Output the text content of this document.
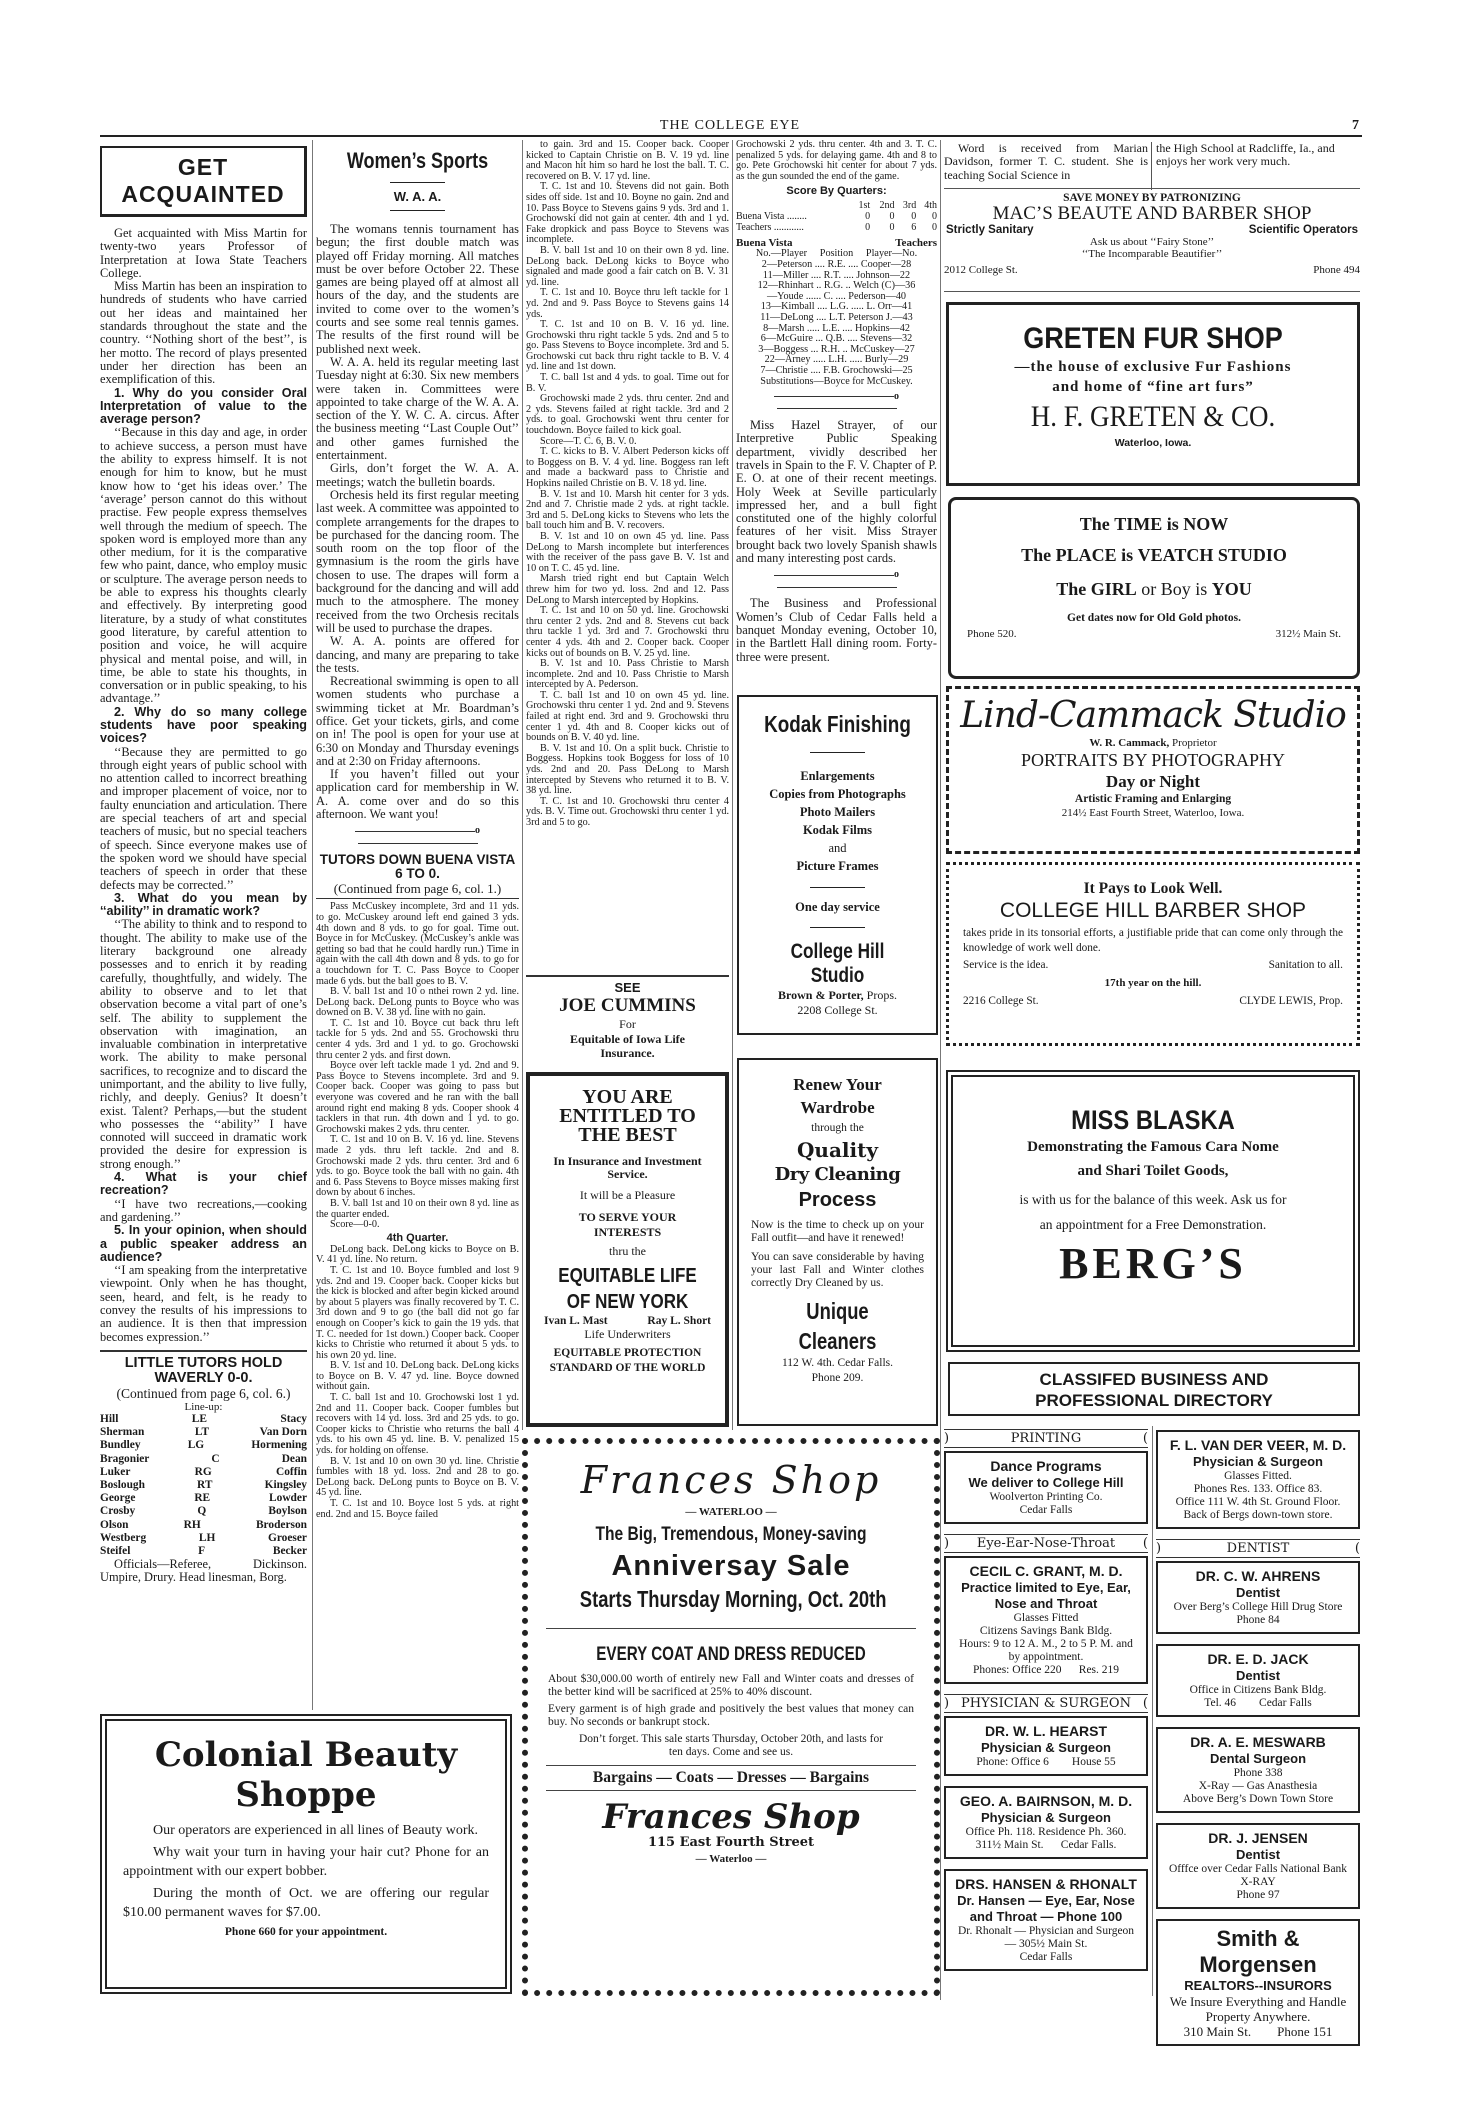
THE COLLEGE EYE	7
GET ACQUAINTED

Get acquainted with Miss Martin for twenty-two years Professor of Interpretation at Iowa State Teachers College.

Miss Martin has been an inspiration to hundreds of students who have carried out her ideas and maintained her standards throughout the state and the country. ‘‘Nothing short of the best’’, is her motto. The record of plays presented under her direction has been an exemplification of this.

1. Why do you consider Oral Interpretation of value to the average person?

‘‘Because in this day and age, in order to achieve success, a person must have the ability to express himself. It is not enough for him to know, but he must know how to ‘get his ideas over.’ The ‘average’ person cannot do this without practise. Few people express themselves well through the medium of speech. The spoken word is employed more than any other medium, for it is the comparative few who paint, dance, who employ music or sculpture. The average person needs to be able to express his thoughts clearly and effectively. By interpreting good literature, by a study of what constitutes good literature, by careful attention to position and voice, he will acquire physical and mental poise, and will, in time, be able to state his thoughts, in conversation or in public speaking, to his advantage.’’

2. Why do so many college students have poor speaking voices?

‘‘Because they are permitted to go through eight years of public school with no attention called to incorrect breathing and improper placement of voice, nor to faulty enunciation and articulation. There are special teachers of art and special teachers of music, but no special teachers of speech. Since everyone makes use of the spoken word we should have special teachers of speech in order that these defects may be corrected.’’

3. What do you mean by ‘‘ability’’ in dramatic work?

‘‘The ability to think and to respond to thought. The ability to make use of the literary background one already possesses and to enrich it by reading carefully, thoughtfully, and widely. The ability to observe and to let that observation become a vital part of one’s self. The ability to supplement the observation with imagination, an invaluable combination in interpretative work. The ability to make personal sacrifices, to recognize and to discard the unimportant, and the ability to live fully, richly, and deeply. Genius? It doesn’t exist. Talent? Perhaps,—but the student who possesses the ‘‘ability’’ I have connoted will succeed in dramatic work provided the desire for expression is strong enough.’’

4. What is your chief recreation?

‘‘I have two recreations,—cooking and gardening.’’

5. In your opinion, when should a public speaker address an audience?

‘‘I am speaking from the interpretative viewpoint. Only when he has thought, seen, heard, and felt, is he ready to convey the results of his impressions to an audience. It is then that impression becomes expression.’’

LITTLE TUTORS HOLD WAVERLY 0-0.
(Continued from page 6, col. 6.)
Line-up:
Hill	LE	Stacy
Sherman	LT	Van Dorn
Bundley	LG	Hormening
Bragonier	C	Dean
Luker	RG	Coffin
Boslough	RT	Kingsley
George	RE	Lowder
Crosby	Q	Boylson
Olson	RH	Broderson
Westberg	LH	Groeser
Steifel	F	Becker

Officials—Referee, Dickinson. Umpire, Drury. Head linesman, Borg.

Women’s Sports
W. A. A.

The womans tennis tournament has begun; the first double match was played off Friday morning. All matches must be over before October 22. These games are being played off at almost all hours of the day, and the students are invited to come over to the women’s courts and see some real tennis games. The results of the first round will be published next week.

W. A. A. held its regular meeting last Tuesday night at 6:30. Six new members were taken in. Committees were appointed to take charge of the W. A. A. section of the Y. W. C. A. circus. After the business meeting ‘‘Last Couple Out’’ and other games furnished the entertainment.

Girls, don’t forget the W. A. A. meetings; watch the bulletin boards.

Orchesis held its first regular meeting last week. A committee was appointed to complete arrangements for the drapes to be purchased for the dancing room. The south room on the top floor of the gymnasium is the room the girls have chosen to use. The drapes will form a background for the dancing and will add much to the atmosphere. The money received from the two Orchesis recitals will be used to purchase the drapes.

W. A. A. points are offered for dancing, and many are preparing to take the tests.

Recreational swimming is open to all women students who purchase a swimming ticket at Mr. Boardman’s office. Get your tickets, girls, and come on in! The pool is open for your use at 6:30 on Monday and Thursday evenings and at 2:30 on Friday afternoons.

If you haven’t filled out your application card for membership in W. A. A. come over and do so this afternoon. We want you!

o
TUTORS DOWN BUENA VISTA 6 TO 0.
(Continued from page 6, col. 1.)

Pass McCuskey incomplete, 3rd and 11 yds. to go. McCuskey around left end gained 3 yds. 4th down and 8 yds. to go for goal. Time out. Boyce in for McCuskey. (McCuskey’s ankle was getting so bad that he could hardly run.) Time in again with the call 4th down and 8 yds. to go for a touchdown for T. C. Pass Boyce to Cooper made 6 yds. but the ball goes to B. V.

B. V. ball 1st and 10 o nthei rown 2 yd. line. DeLong back. DeLong punts to Boyce who was downed on B. V. 38 yd. line with no gain.

T. C. 1st and 10. Boyce cut back thru left tackle for 5 yds. 2nd and 55. Grochowski thru center 4 yds. 3rd and 1 yd. to go. Grochowski thru center 2 yds. and first down.

Boyce over left tackle made 1 yd. 2nd and 9. Pass Boyce to Stevens incomplete. 3rd and 9. Cooper back. Cooper was going to pass but everyone was covered and he ran with the ball around right end making 8 yds. Cooper shook 4 tacklers in that run. 4th down and 1 yd. to go. Grochowski makes 2 yds. thru center.

T. C. 1st and 10 on B. V. 16 yd. line. Stevens made 2 yds. thru left tackle. 2nd and 8. Grochowski made 2 yds. thru center. 3rd and 6 yds. to go. Boyce took the ball with no gain. 4th and 6. Pass Stevens to Boyce misses making first down by about 6 inches.

B. V. ball 1st and 10 on their own 8 yd. line as the quarter ended.

Score—0-0.

4th Quarter.

DeLong back. DeLong kicks to Boyce on B. V. 41 yd. line. No return.

T. C. 1st and 10. Boyce fumbled and lost 9 yds. 2nd and 19. Cooper back. Cooper kicks but the kick is blocked and after begin kicked around by about 5 players was finally recovered by T. C. 3rd down and 9 to go (the ball did not go far enough on Cooper’s kick to gain the 19 yds. that T. C. needed for 1st down.) Cooper back. Cooper kicks to Christie who returned it about 5 yds. to his own 20 yd. line.

B. V. 1st and 10. DeLong back. DeLong kicks to Boyce on B. V. 47 yd. line. Boyce downed without gain.

T. C. ball 1st and 10. Grochowski lost 1 yd. 2nd and 11. Cooper back. Cooper fumbles but recovers with 14 yd. loss. 3rd and 25 yds. to go. Cooper kicks to Christie who returns the ball 4 yds. to his own 45 yd. line. B. V. penalized 15 yds. for holding on offense.

B. V. 1st and 10 on own 30 yd. line. Christie fumbles with 18 yd. loss. 2nd and 28 to go. DeLong back. DeLong punts to Boyce on B. V. 45 yd. line.

T. C. 1st and 10. Boyce lost 5 yds. at right end. 2nd and 15. Boyce failed

to gain. 3rd and 15. Cooper back. Cooper kicked to Captain Christie on B. V. 19 yd. line and Macon hit him so hard he lost the ball. T. C. recovered on B. V. 17 yd. line.

T. C. 1st and 10. Stevens did not gain. Both sides off side. 1st and 10. Boyne no gain. 2nd and 10. Pass Boyce to Stevens gains 9 yds. 3rd and 1. Grochowski did not gain at center. 4th and 1 yd. Fake dropkick and pass Boyce to Stevens was incomplete.

B. V. ball 1st and 10 on their own 8 yd. line. DeLong back. DeLong kicks to Boyce who signaled and made good a fair catch on B. V. 31 yd. line.

T. C. 1st and 10. Boyce thru left tackle for 1 yd. 2nd and 9. Pass Boyce to Stevens gains 14 yds.

T. C. 1st and 10 on B. V. 16 yd. line. Grochowski thru right tackle 5 yds. 2nd and 5 to go. Pass Stevens to Boyce incomplete. 3rd and 5. Grochowski cut back thru right tackle to B. V. 4 yd. line and 1st down.

T. C. ball 1st and 4 yds. to goal. Time out for B. V.

Grochowski made 2 yds. thru center. 2nd and 2 yds. Stevens failed at right tackle. 3rd and 2 yds. to goal. Grochowski went thru center for touchdown. Boyce failed to kick goal.

Score—T. C. 6, B. V. 0.

T. C. kicks to B. V. Albert Pederson kicks off to Boggess on B. V. 4 yd. line. Boggess ran left and made a backward pass to Christie and Hopkins nailed Christie on B. V. 18 yd. line.

B. V. 1st and 10. Marsh hit center for 3 yds. 2nd and 7. Christie made 2 yds. at right tackle. 3rd and 5. DeLong kicks to Stevens who lets the ball touch him and B. V. recovers.

B. V. 1st and 10 on own 45 yd. line. Pass DeLong to Marsh incomplete but interferences with the receiver of the pass gave B. V. 1st and 10 on T. C. 45 yd. line.

Marsh tried right end but Captain Welch threw him for two yd. loss. 2nd and 12. Pass DeLong to Marsh intercepted by Hopkins.

T. C. 1st and 10 on 50 yd. line. Grochowski thru center 2 yds. 2nd and 8. Stevens cut back thru tackle 1 yd. 3rd and 7. Grochowski thru center 4 yds. 4th and 2. Cooper back. Cooper kicks out of bounds on B. V. 25 yd. line.

B. V. 1st and 10. Pass Christie to Marsh incomplete. 2nd and 10. Pass Christie to Marsh intercepted by A. Pederson.

T. C. ball 1st and 10 on own 45 yd. line. Grochowski thru center 1 yd. 2nd and 9. Stevens failed at right end. 3rd and 9. Grochowski thru center 1 yd. 4th and 8. Cooper kicks out of bounds on B. V. 40 yd. line.

B. V. 1st and 10. On a split buck. Christie to Boggess. Hopkins took Boggess for loss of 10 yds. 2nd and 20. Pass DeLong to Marsh intercepted by Stevens who returned it to B. V. 38 yd. line.

T. C. 1st and 10. Grochowski thru center 4 yds. B. V. Time out. Grochowski thru center 1 yd. 3rd and 5 to go.

SEE
JOE CUMMINS
For
Equitable of Iowa Life Insurance.
YOU ARE ENTITLED TO THE BEST
In Insurance and Investment Service.
It will be a Pleasure
TO SERVE YOUR INTERESTS
thru the
EQUITABLE LIFE OF NEW YORK
Ivan L. Mast	Ray L. Short
Life Underwriters
EQUITABLE PROTECTION STANDARD OF THE WORLD

Grochowski 2 yds. thru center. 4th and 3. T. C. penalized 5 yds. for delaying game. 4th and 8 to go. Pete Grochowski hit center for about 7 yds. as the gun sounded the end of the game.

Score By Quarters:
	1st	2nd	3rd	4th
Buena Vista ........	0	0	0	0
Teachers ............	0	0	6	0
Buena Vista	Teachers
No.—Player     Position     Player—No.
2—Peterson .... R.E. .... Cooper—28
11—Miller .... R.T. .... Johnson—22
12—Rhinhart .. R.G. .. Welch (C)—36
—Youde ...... C. .... Pederson—40
13—Kimball .... L.G. ..... L. Orr—41
11—DeLong .... L.T. Peterson J.—43
8—Marsh ..... L.E. .... Hopkins—42
6—McGuire ... Q.B. .... Stevens—32
3—Boggess ... R.H. .. McCuskey—27
22—Arney ..... L.H. ..... Burly—29
7—Christie .... F.B. Grochowski—25
Substitutions—Boyce for McCuskey.
o

Miss Hazel Strayer, of our Interpretive Public Speaking department, vividly described her travels in Spain to the F. V. Chapter of P. E. O. at one of their recent meetings. Holy Week at Seville particularly impressed her, and a bull fight constituted one of the highly colorful features of her visit. Miss Strayer brought back two lovely Spanish shawls and many interesting post cards.

o

The Business and Professional Women’s Club of Cedar Falls held a banquet Monday evening, October 10, in the Bartlett Hall dining room. Forty-three were present.

Kodak Finishing
Enlargements
Copies from Photographs
Photo Mailers
Kodak Films
and
Picture Frames
One day service
College Hill Studio
Brown & Porter, Props.
2208 College St.
Renew Your
Wardrobe
through the
Quality
Dry Cleaning
Process

Now is the time to check up on your Fall outfit—and have it renewed!

You can save considerable by having your last Fall and Winter clothes correctly Dry Cleaned by us.

Unique Cleaners
112 W. 4th. Cedar Falls.
Phone 209.
Frances Shop
— WATERLOO —
The Big, Tremendous, Money-saving
Anniversay Sale
Starts Thursday Morning, Oct. 20th
EVERY COAT AND DRESS REDUCED

About $30,000.00 worth of entirely new Fall and Winter coats and dresses of the better kind will be sacrificed at 25% to 40% discount.

Every garment is of high grade and positively the best values that money can buy. No seconds or bankrupt stock.

Don’t forget. This sale starts Thursday, October 20th, and lasts for ten days. Come and see us.

Bargains — Coats — Dresses — Bargains
Frances Shop
115 East Fourth Street
— Waterloo —
Colonial Beauty
Shoppe

Our operators are experienced in all lines of Beauty work.

Why wait your turn in having your hair cut? Phone for an appointment with our expert bobber.

During the month of Oct. we are offering our regular $10.00 permanent waves for $7.00.

Phone 660 for your appointment.

Word is received from Marian Davidson, former T. C. student. She is teaching Social Science in

the High School at Radcliffe, Ia., and enjoys her work very much.

SAVE MONEY BY PATRONIZING
MAC’S BEAUTE AND BARBER SHOP
Strictly Sanitary	Scientific Operators
Ask us about ‘‘Fairy Stone’’
‘‘The Incomparable Beautifier’’
2012 College St.	Phone 494
GRETEN FUR SHOP
—the house of exclusive Fur Fashions
and home of “fine art furs”
H. F. GRETEN & CO.
Waterloo, Iowa.
The TIME is NOW
The PLACE is VEATCH STUDIO
The GIRL or Boy is YOU
Get dates now for Old Gold photos.
Phone 520.	312½ Main St.
Lind-Cammack Studio
W. R. Cammack, Proprietor
PORTRAITS BY PHOTOGRAPHY
Day or Night
Artistic Framing and Enlarging
214½ East Fourth Street, Waterloo, Iowa.
It Pays to Look Well.
COLLEGE HILL BARBER SHOP

takes pride in its tonsorial efforts, a justifiable pride that can come only through the knowledge of work well done.

Service is the idea.	Sanitation to all.
17th year on the hill.
2216 College St.	CLYDE LEWIS, Prop.
MISS BLASKA
Demonstrating the Famous Cara Nome
and Shari Toilet Goods,
is with us for the balance of this week. Ask us for
an appointment for a Free Demonstration.
BERG’S
CLASSIFED BUSINESS AND PROFESSIONAL DIRECTORY
)	PRINTING	(
Dance Programs
We deliver to College Hill
Woolverton Printing Co.
Cedar Falls
) Eye-Ear-Nose-Throat (
CECIL C. GRANT, M. D.
Practice limited to Eye, Ear, Nose and Throat
Glasses Fitted
Citizens Savings Bank Bldg.
Hours: 9 to 12 A. M., 2 to 5 P. M. and by appointment.
Phones: Office 220      Res. 219
) PHYSICIAN & SURGEON (
DR. W. L. HEARST
Physician & Surgeon
Phone: Office 6        House 55
GEO. A. BAIRNSON, M. D.
Physician & Surgeon
Office Ph. 118. Residence Ph. 360.
311½ Main St.      Cedar Falls.
DRS. HANSEN & RHONALT
Dr. Hansen — Eye, Ear, Nose and Throat — Phone 100
Dr. Rhonalt — Physician and Surgeon — 305½ Main St.
Cedar Falls
F. L. VAN DER VEER, M. D.
Physician & Surgeon
Glasses Fitted.
Phones Res. 133. Office 83.
Office 111 W. 4th St. Ground Floor.
Back of Bergs down-town store.
)	DENTIST	(
DR. C. W. AHRENS
Dentist
Over Berg’s College Hill Drug Store
Phone 84
DR. E. D. JACK
Dentist
Office in Citizens Bank Bldg.
Tel. 46        Cedar Falls
DR. A. E. MESWARB
Dental Surgeon
Phone 338
X-Ray — Gas Anasthesia
Above Berg’s Down Town Store
DR. J. JENSEN
Dentist
Offfce over Cedar Falls National Bank
X-RAY
Phone 97
Smith & Morgensen
REALTORS--INSURORS
We Insure Everything and Handle Property Anywhere.
310 Main St.        Phone 151
